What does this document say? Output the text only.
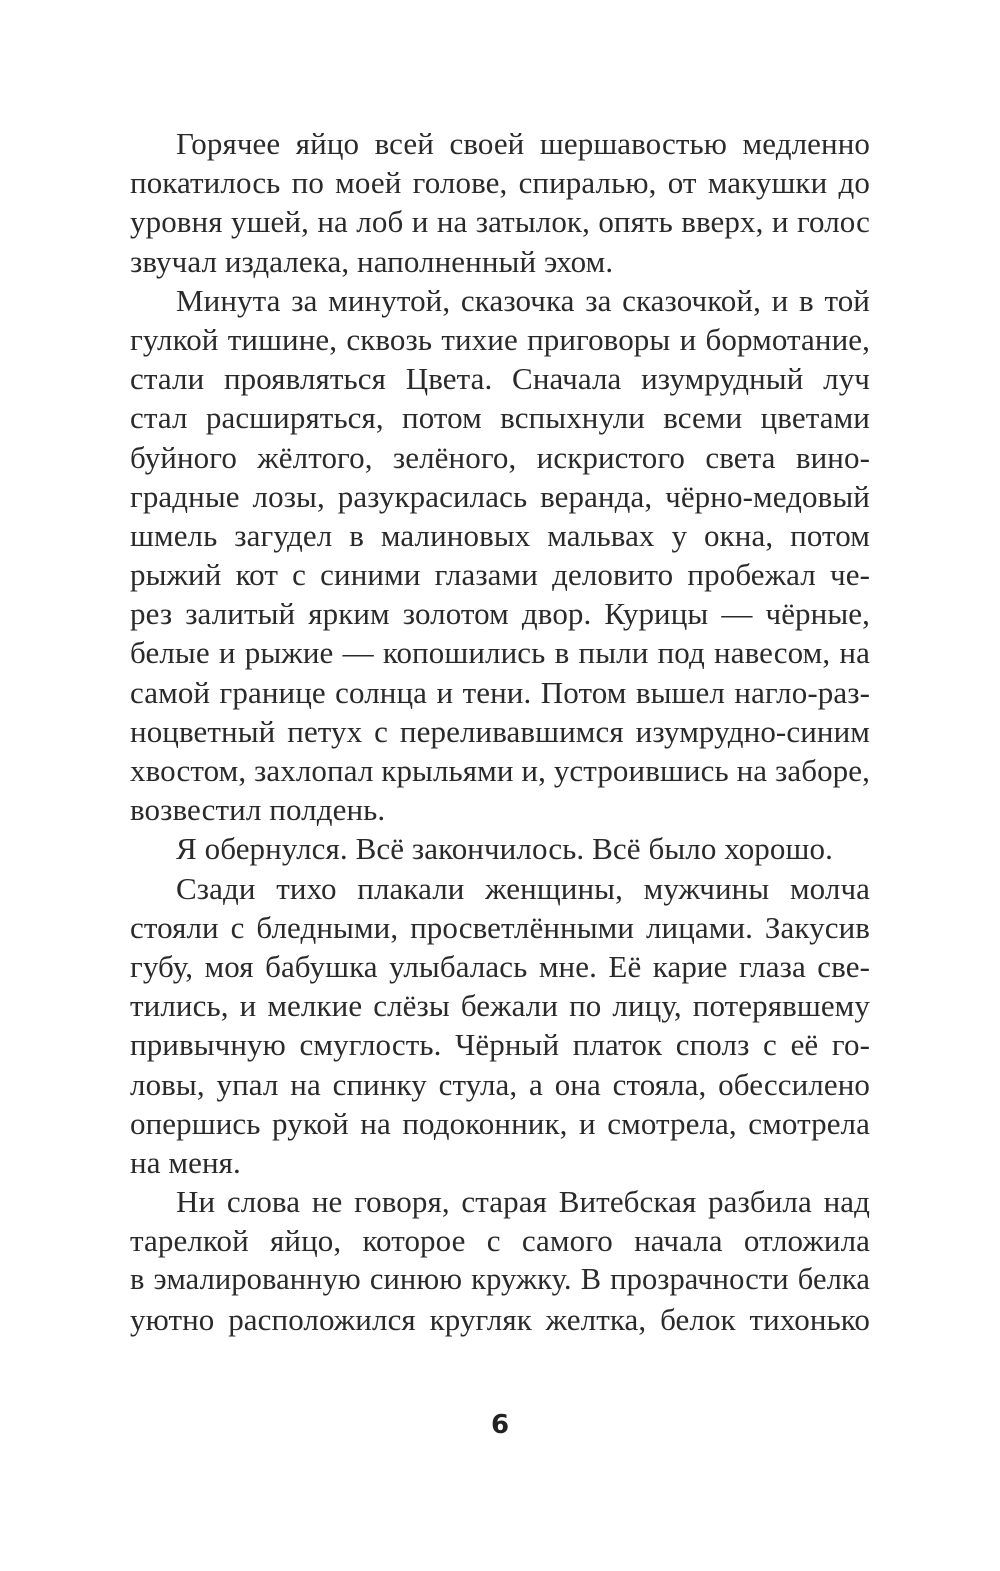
Горячее яйцо всей своей шершавостью медленно
покатилось по моей голове, спиралью, от макушки до
уровня ушей, на лоб и на затылок, опять вверх, и голос
звучал издалека, наполненный эхом.
Минута за минутой, сказочка за сказочкой, и в той
гулкой тишине, сквозь тихие приговоры и бормотание,
стали проявляться Цвета. Сначала изумрудный луч
стал расширяться, потом вспыхнули всеми цветами
буйного жёлтого, зелёного, искристого света вино-
градные лозы, разукрасилась веранда, чёрно-медовый
шмель загудел в малиновых мальвах у окна, потом
рыжий кот с синими глазами деловито пробежал че-
рез залитый ярким золотом двор. Курицы — чёрные,
белые и рыжие — копошились в пыли под навесом, на
самой границе солнца и тени. Потом вышел нагло-раз-
ноцветный петух с переливавшимся изумрудно-синим
хвостом, захлопал крыльями и, устроившись на заборе,
возвестил полдень.
Я обернулся. Всё закончилось. Всё было хорошо.
Сзади тихо плакали женщины, мужчины молча
стояли с бледными, просветлёнными лицами. Закусив
губу, моя бабушка улыбалась мне. Её карие глаза све-
тились, и мелкие слёзы бежали по лицу, потерявшему
привычную смуглость. Чёрный платок сполз с её го-
ловы, упал на спинку стула, а она стояла, обессилено
опершись рукой на подоконник, и смотрела, смотрела
на меня.
Ни слова не говоря, старая Витебская разбила над
тарелкой яйцо, которое с самого начала отложила
в эмалированную синюю кружку. В прозрачности белка
уютно расположился кругляк желтка, белок тихонько
6
